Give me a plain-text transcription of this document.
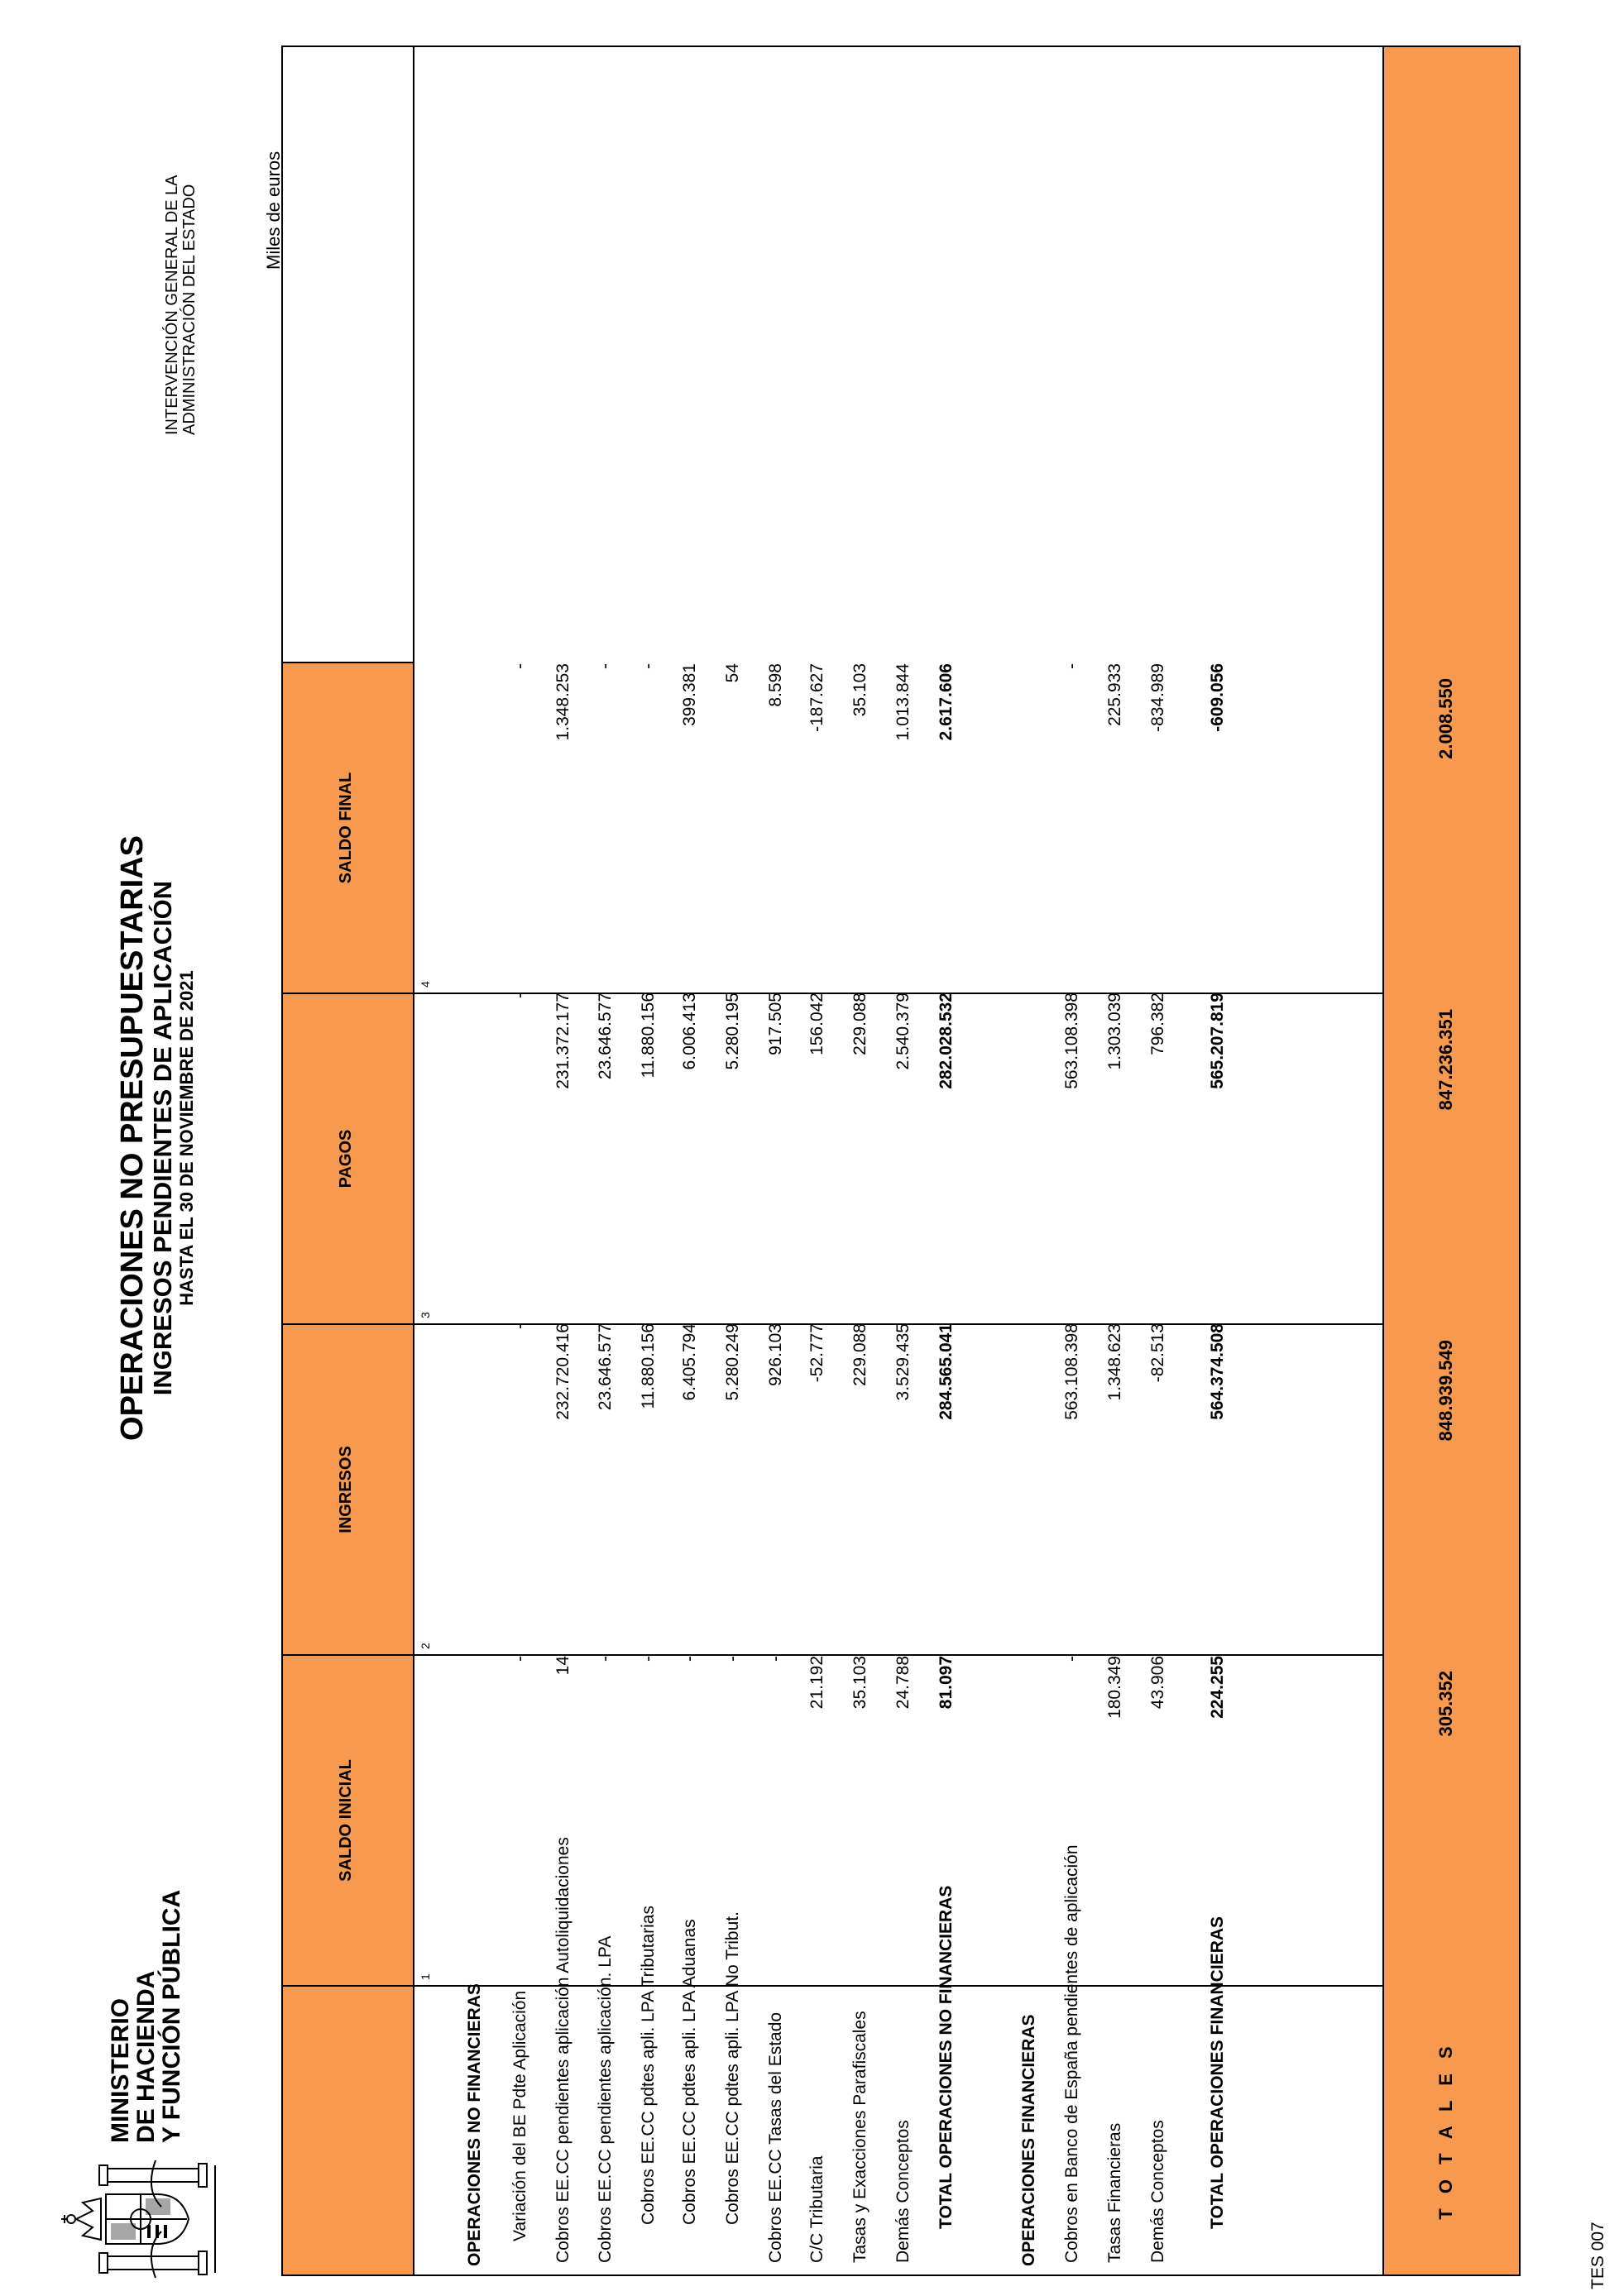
MINISTERIO
DE HACIENDA
Y FUNCIÓN PÚBLICA
OPERACIONES NO PRESUPUESTARIAS
INGRESOS PENDIENTES DE APLICACIÓN HASTA EL 30 DE NOVIEMBRE DE 2021
INTERVENCIÓN GENERAL DE LA ADMINISTRACIÓN DEL ESTADO	Miles de euros
SALDO INICIAL
INGRESOS
PAGOS
SALDO FINAL
1
2
3
4
OPERACIONES NO FINANCIERAS Variación del BE Pdte Aplicación
-
-
-
-
Cobros EE.CC pendientes aplicación Autoliquidaciones
14
232.720.416
231.372.177
1.348.253
Cobros EE.CC pendientes aplicación. LPA
-
23.646.577
23.646.577
-
Cobros EE.CC pdtes apli. LPA Tributarias
-
11.880.156
11.880.156
-
Cobros EE.CC pdtes apli. LPA Aduanas
-
6.405.794
6.006.413
399.381
Cobros EE.CC pdtes apli. LPA No Tribut.
-
5.280.249
5.280.195
54
Cobros EE.CC Tasas del Estado
-
926.103
917.505
8.598
C/C Tributaria
21.192
-52.777
156.042
-187.627
Tasas y Exacciones Parafiscales
35.103
229.088
229.088
35.103
Demás Conceptos
24.788
3.529.435
2.540.379
1.013.844
TOTAL OPERACIONES NO FINANCIERAS
81.097
284.565.041
282.028.532
2.617.606
OPERACIONES FINANCIERAS Cobros en Banco de España pendientes de aplicación
-
563.108.398
563.108.398
-
Tasas Financieras
180.349
1.348.623
1.303.039
225.933
Demás Conceptos
43.906
-82.513
796.382
-834.989
TOTAL OPERACIONES FINANCIERAS
224.255
564.374.508
565.207.819
-609.056
T O T A L E S
305.352
848.939.549
847.236.351
2.008.550
TES 007
